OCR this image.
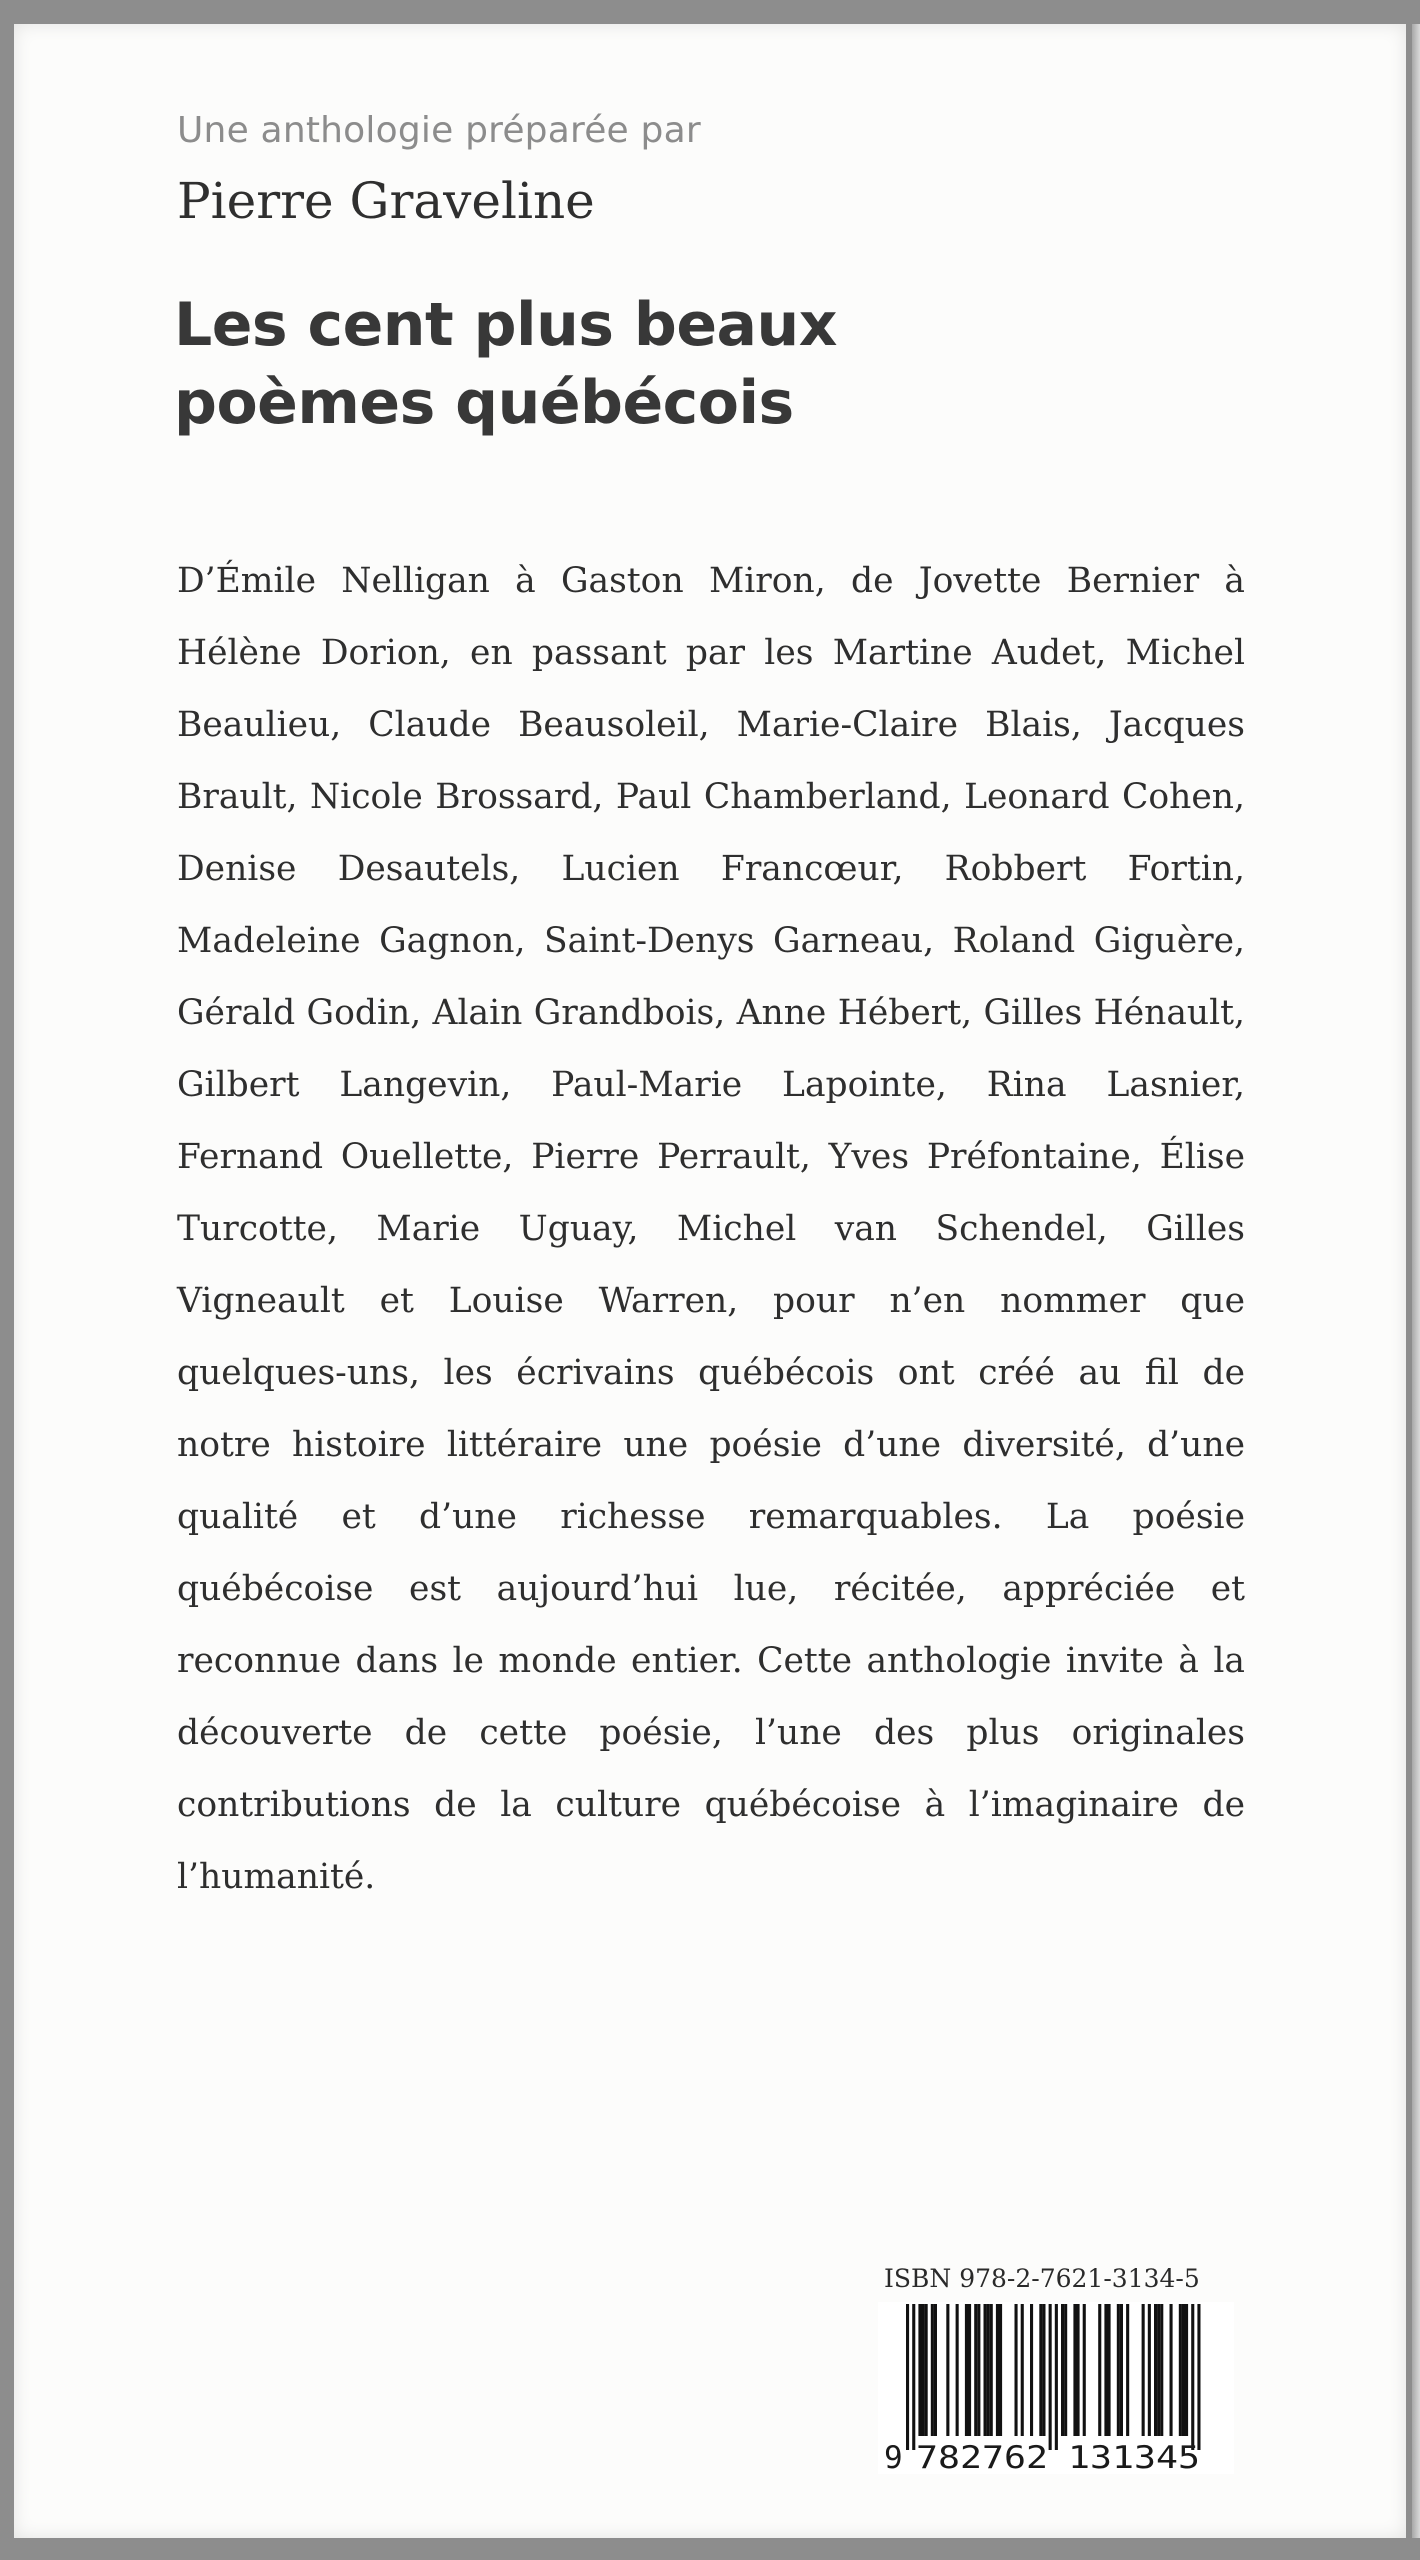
Une anthologie préparée par
Pierre Graveline
Les cent plus beaux
poèmes québécois
D’Émile Nelligan à Gaston Miron, de Jovette Bernier à Hélène Dorion, en passant par les Martine Audet, Michel Beaulieu, Claude Beausoleil, Marie-Claire Blais, Jacques Brault, Nicole Brossard, Paul Chamberland, Leonard Cohen, Denise Desautels, Lucien Francœur, Robbert Fortin, Madeleine Gagnon, Saint-Denys Garneau, Roland Giguère, Gérald Godin, Alain Grandbois, Anne Hébert, Gilles Hénault, Gilbert Langevin, Paul-Marie Lapointe, Rina Lasnier, Fernand Ouellette, Pierre Perrault, Yves Préfontaine, Élise Turcotte, Marie Uguay, Michel van Schendel, Gilles Vigneault et Louise Warren, pour n’en nommer que quelques-uns, les écrivains québécois ont créé au fil de notre histoire littéraire une poésie d’une diversité, d’une qualité et d’une richesse remarquables. La poésie québécoise est aujourd’hui lue, récitée, appréciée et reconnue dans le monde entier. Cette anthologie invite à la découverte de cette poésie, l’une des plus originales contributions de la culture québécoise à l’imaginaire de l’humanité.
ISBN 978-2-7621-3134-5
9 782762 131345
